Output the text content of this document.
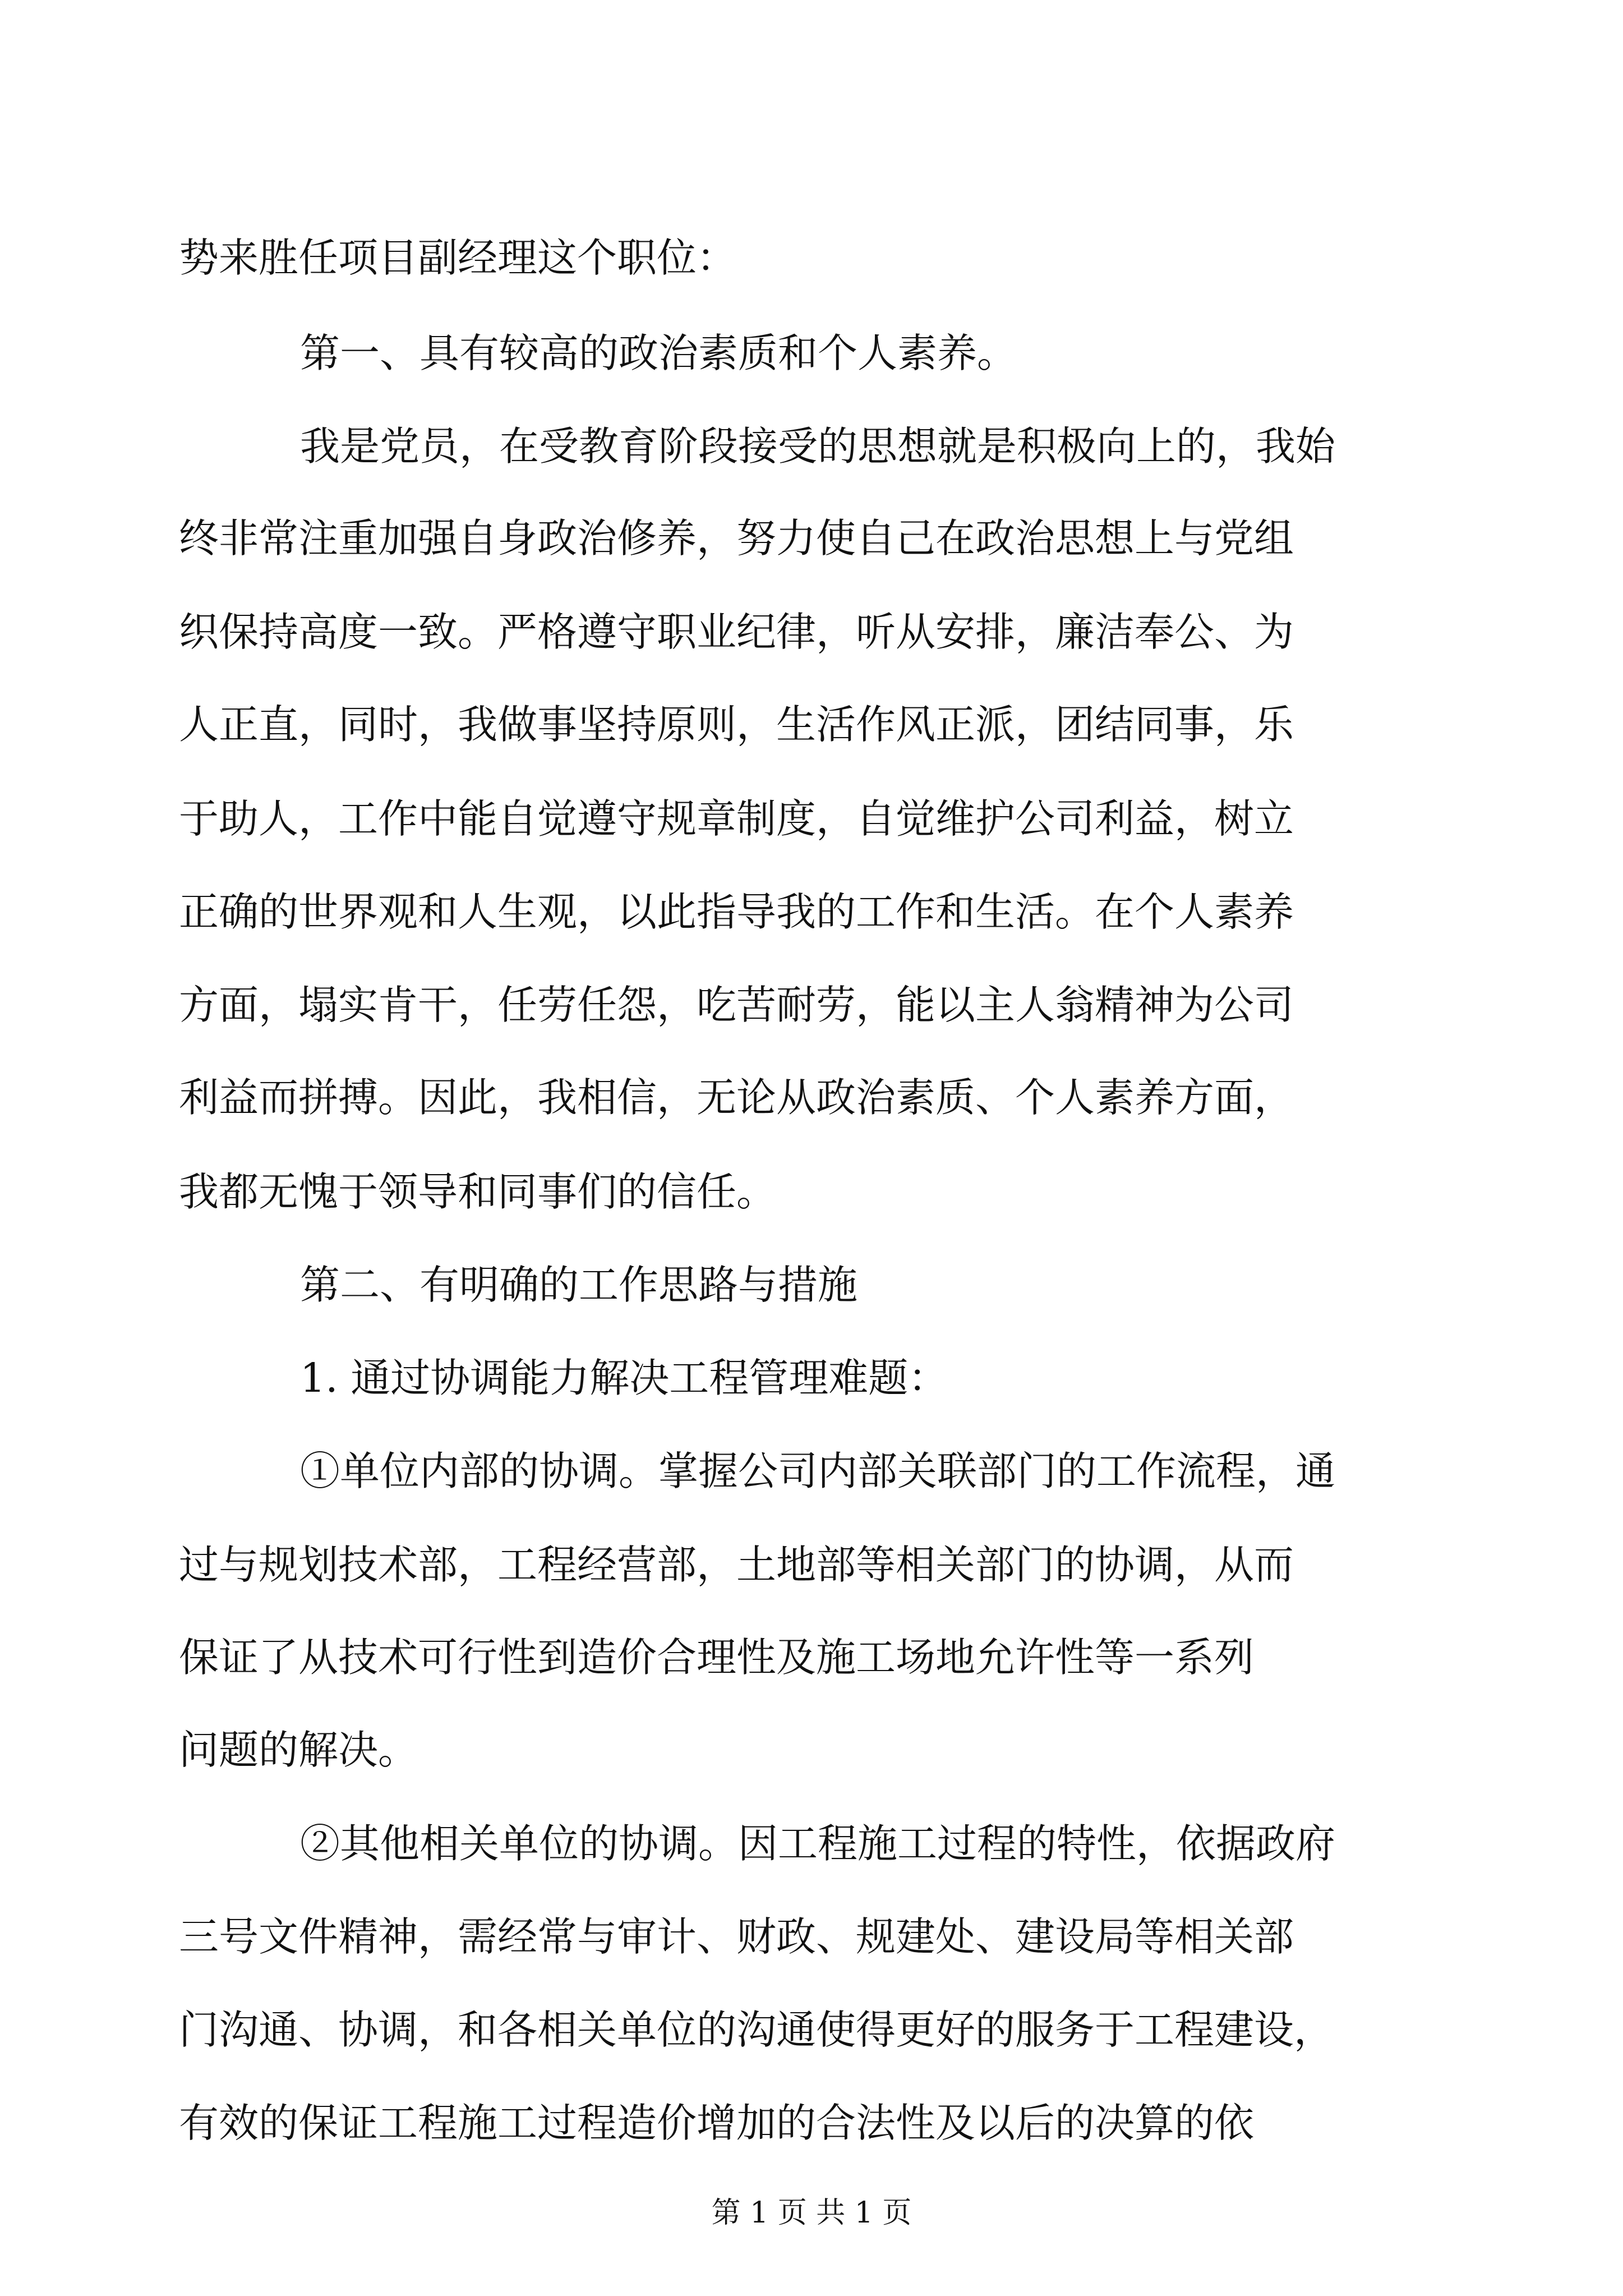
势来胜任项目副经理这个职位：
第一、具有较高的政治素质和个人素养。
我是党员，在受教育阶段接受的思想就是积极向上的，我始
终非常注重加强自身政治修养，努力使自己在政治思想上与党组
织保持高度一致。严格遵守职业纪律，听从安排，廉洁奉公、为
人正直，同时，我做事坚持原则，生活作风正派，团结同事，乐
于助人，工作中能自觉遵守规章制度，自觉维护公司利益，树立
正确的世界观和人生观，以此指导我的工作和生活。在个人素养
方面，塌实肯干，任劳任怨，吃苦耐劳，能以主人翁精神为公司
利益而拼搏。因此，我相信，无论从政治素质、个人素养方面，
我都无愧于领导和同事们的信任。
第二、有明确的工作思路与措施
1. 通过协调能力解决工程管理难题：
①单位内部的协调。掌握公司内部关联部门的工作流程，通
过与规划技术部，工程经营部，土地部等相关部门的协调，从而
保证了从技术可行性到造价合理性及施工场地允许性等一系列
问题的解决。
②其他相关单位的协调。因工程施工过程的特性，依据政府
三号文件精神，需经常与审计、财政、规建处、建设局等相关部
门沟通、协调，和各相关单位的沟通使得更好的服务于工程建设，
有效的保证工程施工过程造价增加的合法性及以后的决算的依
第 1 页 共 1 页
